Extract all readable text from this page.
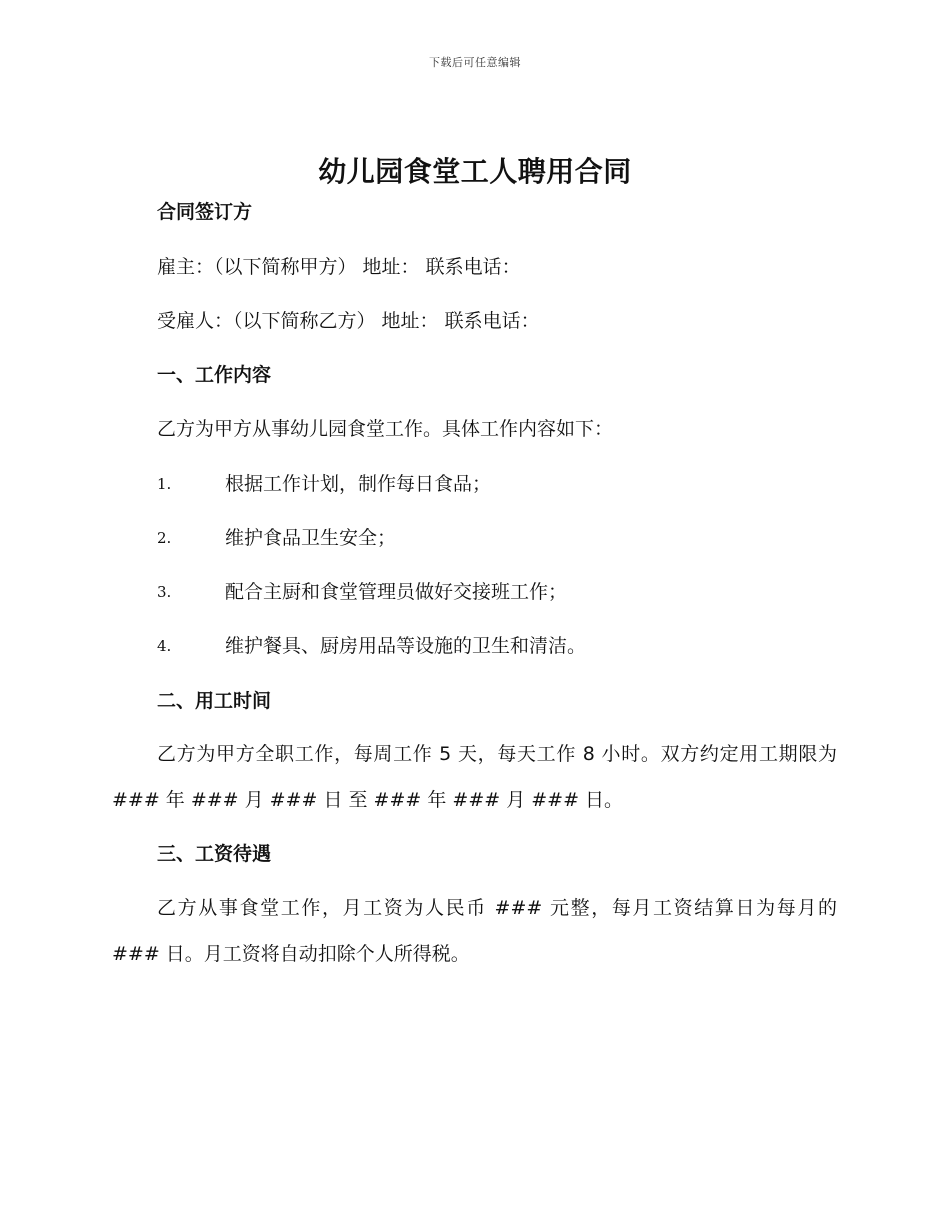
下载后可任意编辑
幼儿园食堂工人聘用合同
合同签订方
雇主：（以下简称甲方） 地址： 联系电话：
受雇人：（以下简称乙方） 地址： 联系电话：
一、工作内容
乙方为甲方从事幼儿园食堂工作。具体工作内容如下：
1.	根据工作计划，制作每日食品；
2.	维护食品卫生安全；
3.	配合主厨和食堂管理员做好交接班工作；
4.	维护餐具、厨房用品等设施的卫生和清洁。
二、用工时间
乙方为甲方全职工作，每周工作 5 天，每天工作 8 小时。双方约定用工期限为 ### 年 ### 月 ### 日 至 ### 年 ### 月 ### 日。
三、工资待遇
乙方从事食堂工作，月工资为人民币 ### 元整，每月工资结算日为每月的 ### 日。月工资将自动扣除个人所得税。
